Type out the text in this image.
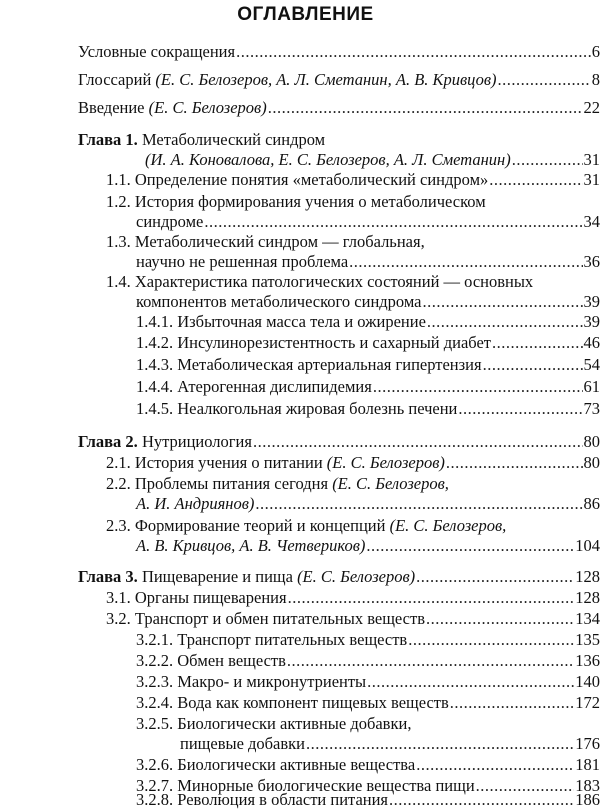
ОГЛАВЛЕНИЕ
Условные сокращения .....	6
Глоссарий (Е. С. Белозеров, А. Л. Сметанин, А. В. Кривцов) .....	8
Введение (Е. С. Белозеров) .....	22
Глава 1. Метаболический синдром
(И. А. Коновалова, Е. С. Белозеров, А. Л. Сметанин) .....	31
1.1. Определение понятия «метаболический синдром» .....	31
1.2. История формирования учения о метаболическом
синдроме .....	34
1.3. Метаболический синдром — глобальная,
научно не решенная проблема .....	36
1.4. Характеристика патологических состояний — основных
компонентов метаболического синдрома .....	39
1.4.1. Избыточная масса тела и ожирение .....	39
1.4.2. Инсулинорезистентность и сахарный диабет .....	46
1.4.3. Метаболическая артериальная гипертензия .....	54
1.4.4. Атерогенная дислипидемия .....	61
1.4.5. Неалкогольная жировая болезнь печени .....	73
Глава 2. Нутрициология .....	80
2.1. История учения о питании (Е. С. Белозеров) .....	80
2.2. Проблемы питания сегодня (Е. С. Белозеров,
А. И. Андриянов) .....	86
2.3. Формирование теорий и концепций (Е. С. Белозеров,
А. В. Кривцов, А. В. Четвериков) .....	104
Глава 3. Пищеварение и пища (Е. С. Белозеров) .....	128
3.1. Органы пищеварения .....	128
3.2. Транспорт и обмен питательных веществ .....	134
3.2.1. Транспорт питательных веществ .....	135
3.2.2. Обмен веществ .....	136
3.2.3. Макро- и микронутриенты .....	140
3.2.4. Вода как компонент пищевых веществ .....	172
3.2.5. Биологически активные добавки,
пищевые добавки .....	176
3.2.6. Биологически активные вещества .....	181
3.2.7. Минорные биологические вещества пищи .....	183
3.2.8. Революция в области питания .....	186
